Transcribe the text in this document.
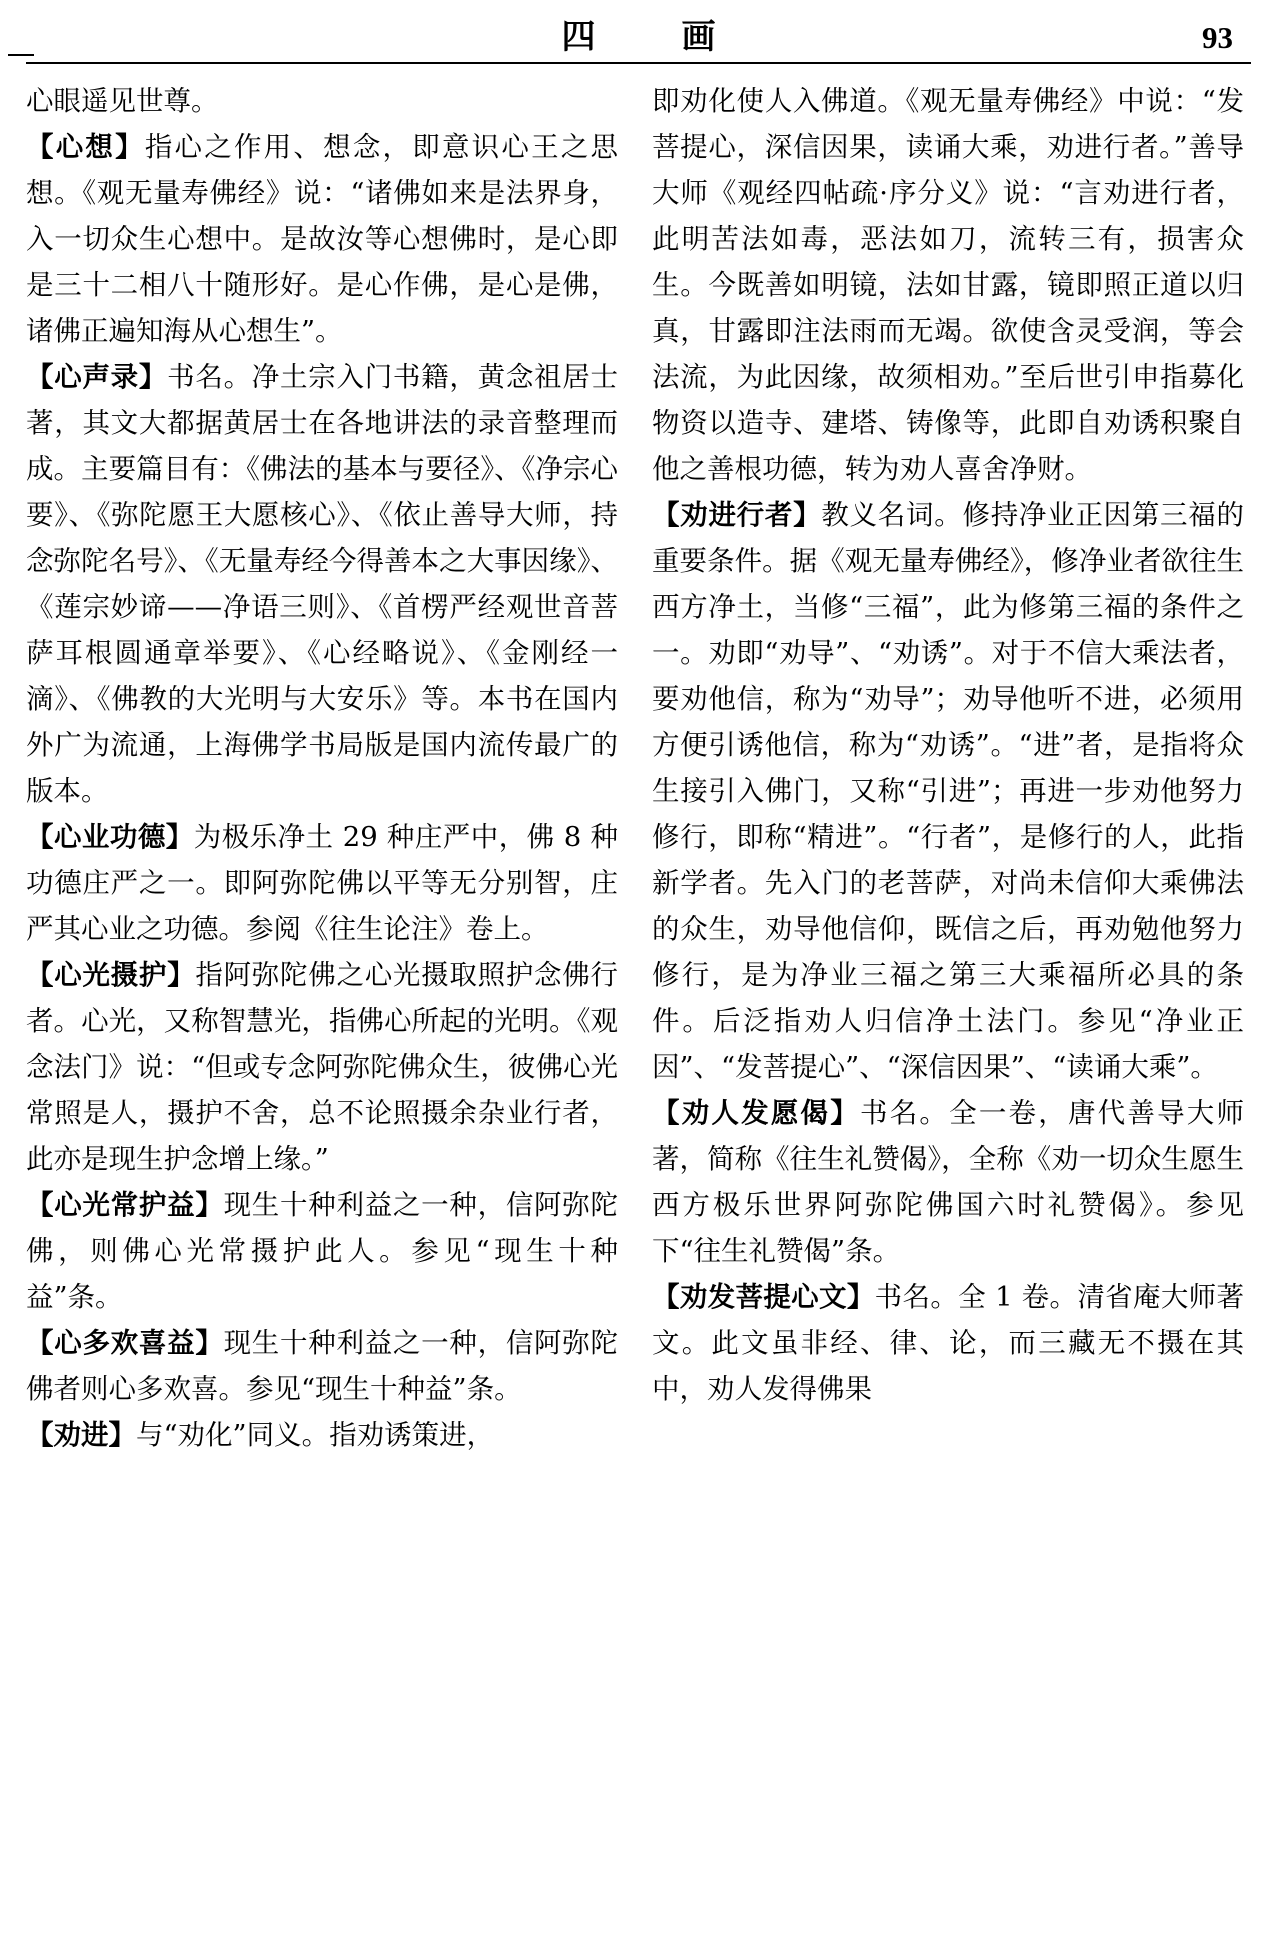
四　画	93

心眼遥见世尊。

【心想】指心之作用、想念，即意识心王之思想。《观无量寿佛经》说：“诸佛如来是法界身，入一切众生心想中。是故汝等心想佛时，是心即是三十二相八十随形好。是心作佛，是心是佛，诸佛正遍知海从心想生”。

【心声录】书名。净土宗入门书籍，黄念祖居士著，其文大都据黄居士在各地讲法的录音整理而成。主要篇目有：《佛法的基本与要径》、《净宗心要》、《弥陀愿王大愿核心》、《依止善导大师，持念弥陀名号》、《无量寿经今得善本之大事因缘》、《莲宗妙谛——净语三则》、《首楞严经观世音菩萨耳根圆通章举要》、《心经略说》、《金刚经一滴》、《佛教的大光明与大安乐》等。本书在国内外广为流通，上海佛学书局版是国内流传最广的版本。

【心业功德】为极乐净土 29 种庄严中，佛 8 种功德庄严之一。即阿弥陀佛以平等无分别智，庄严其心业之功德。参阅《往生论注》卷上。

【心光摄护】指阿弥陀佛之心光摄取照护念佛行者。心光，又称智慧光，指佛心所起的光明。《观念法门》说：“但或专念阿弥陀佛众生，彼佛心光常照是人，摄护不舍，总不论照摄余杂业行者，此亦是现生护念增上缘。”

【心光常护益】现生十种利益之一种，信阿弥陀佛，则佛心光常摄护此人。参见“现生十种益”条。

【心多欢喜益】现生十种利益之一种，信阿弥陀佛者则心多欢喜。参见“现生十种益”条。

【劝进】与“劝化”同义。指劝诱策进，

即劝化使人入佛道。《观无量寿佛经》中说：“发菩提心，深信因果，读诵大乘，劝进行者。”善导大师《观经四帖疏·序分义》说：“言劝进行者，此明苦法如毒，恶法如刀，流转三有，损害众生。今既善如明镜，法如甘露，镜即照正道以归真，甘露即注法雨而无竭。欲使含灵受润，等会法流，为此因缘，故须相劝。”至后世引申指募化物资以造寺、建塔、铸像等，此即自劝诱积聚自他之善根功德，转为劝人喜舍净财。

【劝进行者】教义名词。修持净业正因第三福的重要条件。据《观无量寿佛经》，修净业者欲往生西方净土，当修“三福”，此为修第三福的条件之一。劝即“劝导”、“劝诱”。对于不信大乘法者，要劝他信，称为“劝导”；劝导他听不进，必须用方便引诱他信，称为“劝诱”。“进”者，是指将众生接引入佛门，又称“引进”；再进一步劝他努力修行，即称“精进”。“行者”，是修行的人，此指新学者。先入门的老菩萨，对尚未信仰大乘佛法的众生，劝导他信仰，既信之后，再劝勉他努力修行，是为净业三福之第三大乘福所必具的条件。后泛指劝人归信净土法门。参见“净业正因”、“发菩提心”、“深信因果”、“读诵大乘”。

【劝人发愿偈】书名。全一卷，唐代善导大师著，简称《往生礼赞偈》，全称《劝一切众生愿生西方极乐世界阿弥陀佛国六时礼赞偈》。参见下“往生礼赞偈”条。

【劝发菩提心文】书名。全 1 卷。清省庵大师著文。此文虽非经、律、论，而三藏无不摄在其中，劝人发得佛果
